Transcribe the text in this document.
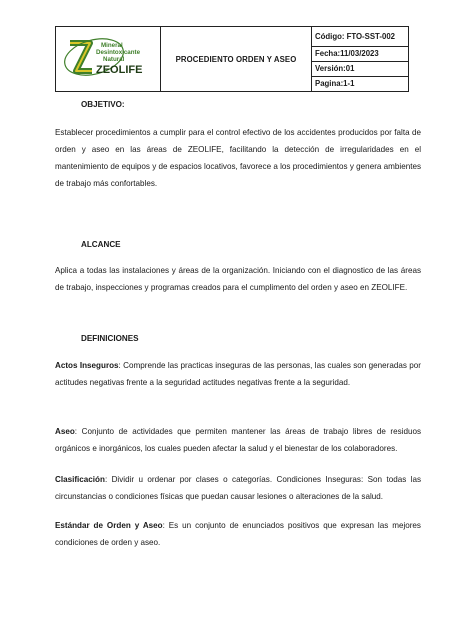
Mineral
Desintoxicante
Natural
ZEOLIFE
	PROCEDIENTO ORDEN Y ASEO	Código: FTO-SST-002
Fecha:11/03/2023
Versión:01
Pagina:1-1
OBJETIVO:

Establecer procedimientos a cumplir para el control efectivo de los accidentes producidos por falta de orden y aseo en las áreas de ZEOLIFE, facilitando la detección de irregularidades en el mantenimiento de equipos y de espacios locativos, favorece a los procedimientos y genera ambientes de trabajo más confortables.

ALCANCE

Aplica a todas las instalaciones y áreas de la organización. Iniciando con el diagnostico de las áreas de trabajo, inspecciones y programas creados para el cumplimento del orden y aseo en ZEOLIFE.

DEFINICIONES

Actos Inseguros: Comprende las practicas inseguras de las personas, las cuales son generadas por actitudes negativas frente a la seguridad actitudes negativas frente a la seguridad.

Aseo: Conjunto de actividades que permiten mantener las áreas de trabajo libres de residuos orgánicos e inorgánicos, los cuales pueden afectar la salud y el bienestar de los colaboradores.

Clasificación: Dividir u ordenar por clases o categorías. Condiciones Inseguras: Son todas las circunstancias o condiciones físicas que puedan causar lesiones o alteraciones de la salud.

Estándar de Orden y Aseo: Es un conjunto de enunciados positivos que expresan las mejores condiciones de orden y aseo.
